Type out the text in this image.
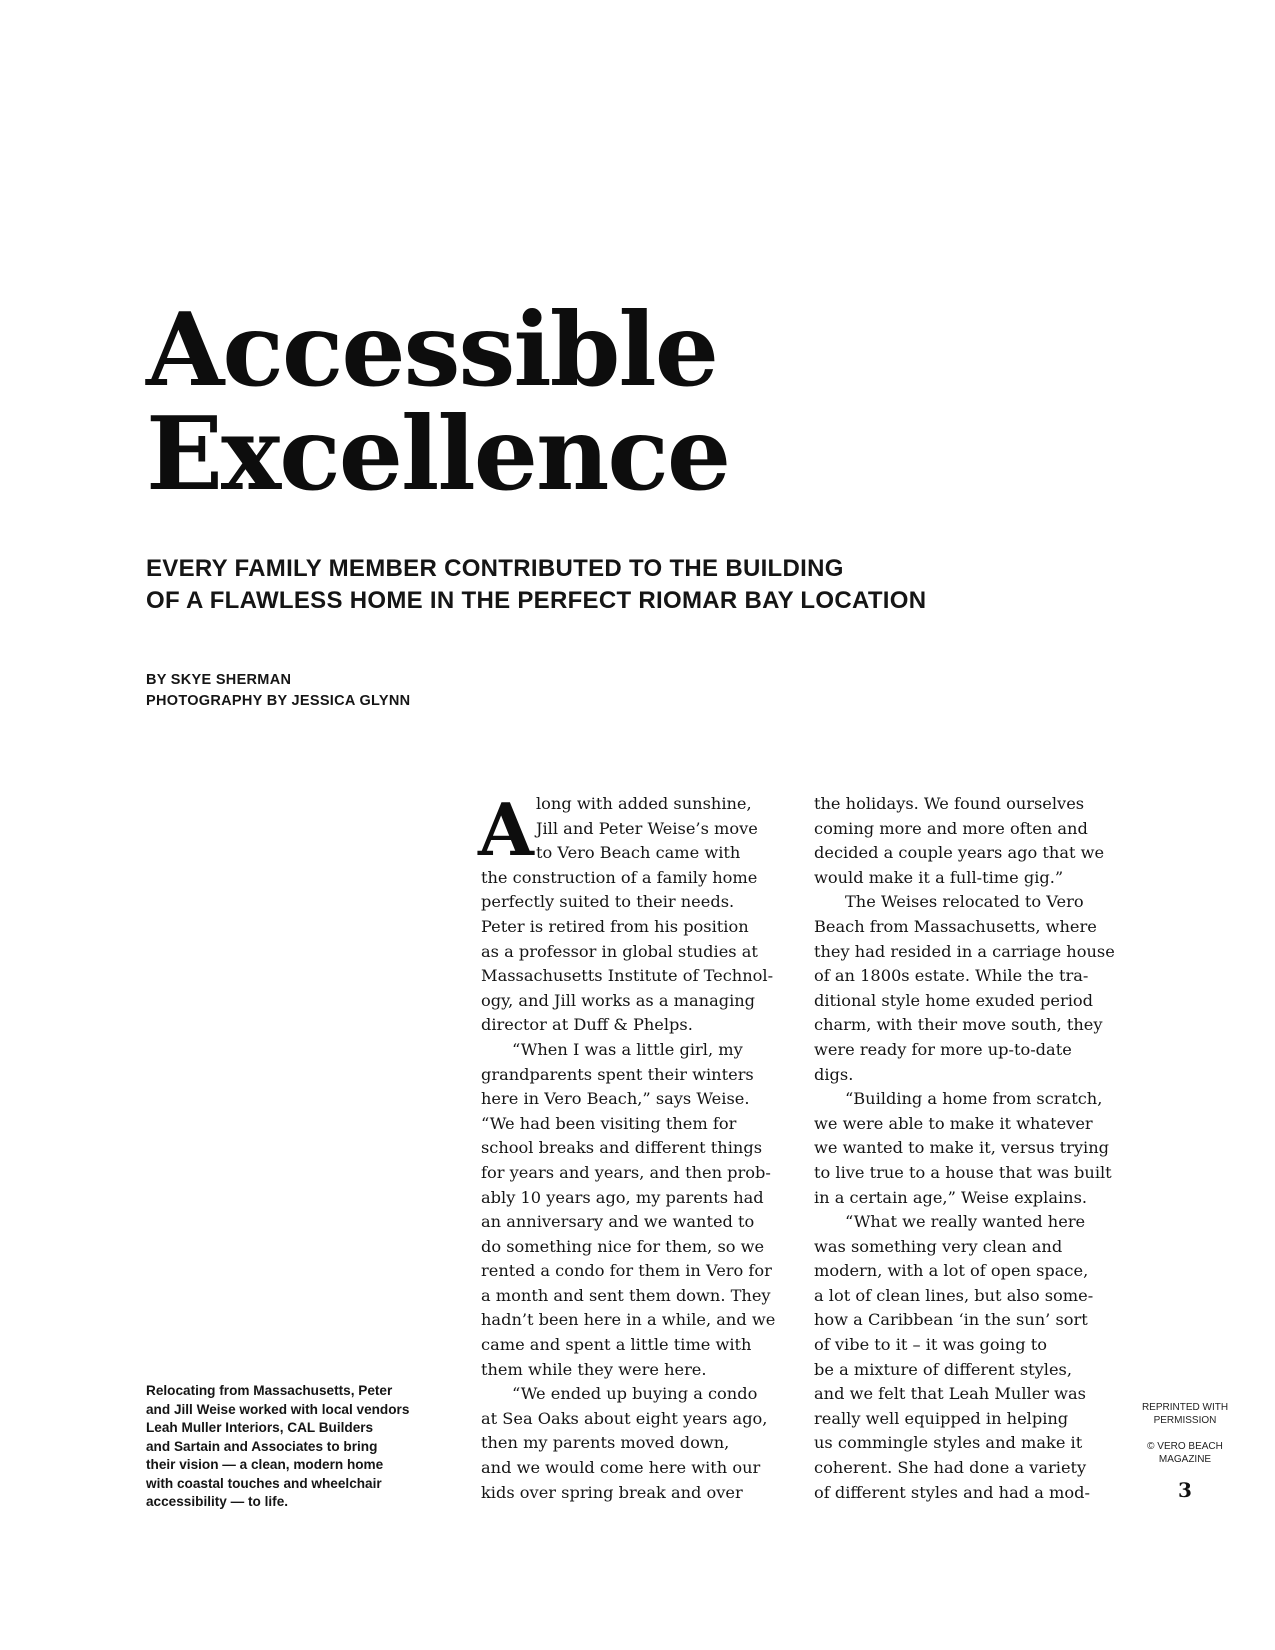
Accessible
Excellence
EVERY FAMILY MEMBER CONTRIBUTED TO THE BUILDING
OF A FLAWLESS HOME IN THE PERFECT RIOMAR BAY LOCATION
BY SKYE SHERMAN
PHOTOGRAPHY BY JESSICA GLYNN
Relocating from Massachusetts, Peter
and Jill Weise worked with local vendors
Leah Muller Interiors, CAL Builders
and Sartain and Associates to bring
their vision — a clean, modern home
with coastal touches and wheelchair
accessibility — to life.
A long with added sunshine,
Jill and Peter Weise’s move
to Vero Beach came with
the construction of a family home
perfectly suited to their needs.
Peter is retired from his position
as a professor in global studies at
Massachusetts Institute of Technol-
ogy, and Jill works as a managing
director at Duff & Phelps.
“When I was a little girl, my
grandparents spent their winters
here in Vero Beach,” says Weise.
“We had been visiting them for
school breaks and different things
for years and years, and then prob-
ably 10 years ago, my parents had
an anniversary and we wanted to
do something nice for them, so we
rented a condo for them in Vero for
a month and sent them down. They
hadn’t been here in a while, and we
came and spent a little time with
them while they were here.
“We ended up buying a condo
at Sea Oaks about eight years ago,
then my parents moved down,
and we would come here with our
kids over spring break and over
the holidays. We found ourselves
coming more and more often and
decided a couple years ago that we
would make it a full-time gig.”
The Weises relocated to Vero
Beach from Massachusetts, where
they had resided in a carriage house
of an 1800s estate. While the tra-
ditional style home exuded period
charm, with their move south, they
were ready for more up-to-date
digs.
“Building a home from scratch,
we were able to make it whatever
we wanted to make it, versus trying
to live true to a house that was built
in a certain age,” Weise explains.
“What we really wanted here
was something very clean and
modern, with a lot of open space,
a lot of clean lines, but also some-
how a Caribbean ‘in the sun’ sort
of vibe to it – it was going to
be a mixture of different styles,
and we felt that Leah Muller was
really well equipped in helping
us commingle styles and make it
coherent. She had done a variety
of different styles and had a mod-
REPRINTED WITH
PERMISSION
© VERO BEACH
MAGAZINE
3
